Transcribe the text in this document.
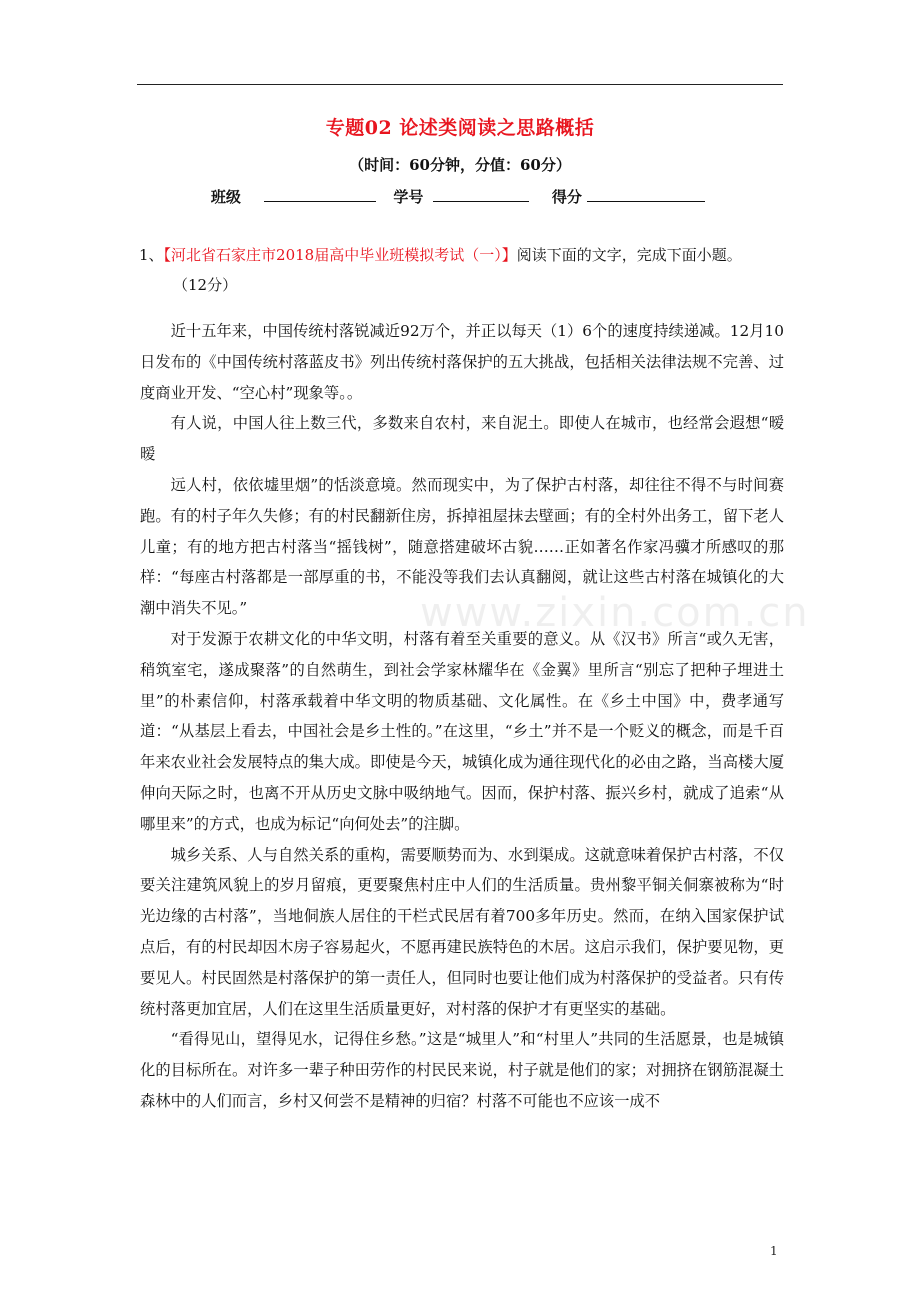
专题02 论述类阅读之思路概括
（时间：60分钟，分值：60分）
班级	学号	得分
1、【河北省石家庄市2018届高中毕业班模拟考试（一）】阅读下面的文字，完成下面小题。
（12分）

近十五年来，中国传统村落锐减近92万个，并正以每天（1）6个的速度持续递减。12月10日发布的《中国传统村落蓝皮书》列出传统村落保护的五大挑战，包括相关法律法规不完善、过度商业开发、“空心村”现象等。。

有人说，中国人往上数三代，多数来自农村，来自泥土。即使人在城市，也经常会遐想“暧暧

远人村，依依墟里烟”的恬淡意境。然而现实中，为了保护古村落，却往往不得不与时间赛跑。有的村子年久失修；有的村民翻新住房，拆掉祖屋抹去壁画；有的全村外出务工，留下老人儿童；有的地方把古村落当“摇钱树”，随意搭建破坏古貌……正如著名作家冯骥才所感叹的那样：“每座古村落都是一部厚重的书，不能没等我们去认真翻阅，就让这些古村落在城镇化的大潮中消失不见。”

对于发源于农耕文化的中华文明，村落有着至关重要的意义。从《汉书》所言“或久无害，稍筑室宅，遂成聚落”的自然萌生，到社会学家林耀华在《金翼》里所言“别忘了把种子埋进土里”的朴素信仰，村落承载着中华文明的物质基础、文化属性。在《乡土中国》中，费孝通写道：“从基层上看去，中国社会是乡土性的。”在这里，“乡土”并不是一个贬义的概念，而是千百年来农业社会发展特点的集大成。即使是今天，城镇化成为通往现代化的必由之路，当高楼大厦伸向天际之时，也离不开从历史文脉中吸纳地气。因而，保护村落、振兴乡村，就成了追索“从哪里来”的方式，也成为标记“向何处去”的注脚。

城乡关系、人与自然关系的重构，需要顺势而为、水到渠成。这就意味着保护古村落，不仅要关注建筑风貌上的岁月留痕，更要聚焦村庄中人们的生活质量。贵州黎平铜关侗寨被称为“时光边缘的古村落”，当地侗族人居住的干栏式民居有着700多年历史。然而，在纳入国家保护试点后，有的村民却因木房子容易起火，不愿再建民族特色的木居。这启示我们，保护要见物，更要见人。村民固然是村落保护的第一责任人，但同时也要让他们成为村落保护的受益者。只有传统村落更加宜居，人们在这里生活质量更好，对村落的保护才有更坚实的基础。

“看得见山，望得见水，记得住乡愁。”这是“城里人”和“村里人”共同的生活愿景，也是城镇化的目标所在。对许多一辈子种田劳作的村民民来说，村子就是他们的家；对拥挤在钢筋混凝土森林中的人们而言，乡村又何尝不是精神的归宿？村落不可能也不应该一成不

www.zixin.com.cn
1
